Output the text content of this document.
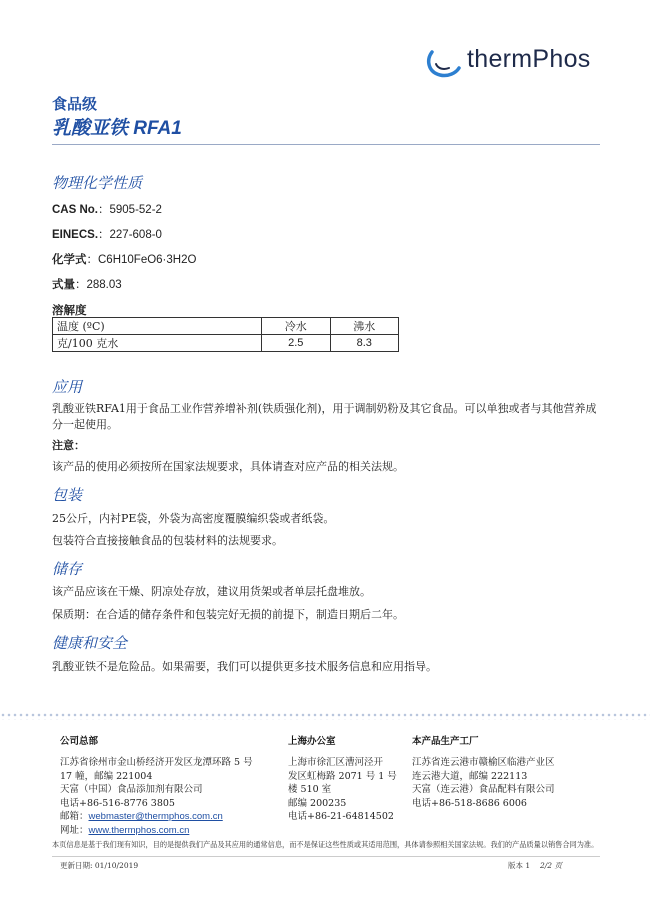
thermPhos
食品级
乳酸亚铁 RFA1
物理化学性质
CAS No.：5905-52-2
EINECS.：227-608-0
化学式：C6H10FeO6·3H2O
式量：288.03
溶解度
温度 (ºC)	冷水	沸水
克/100 克水	2.5	8.3
应用
乳酸亚铁RFA1用于食品工业作营养增补剂(铁质强化剂)，用于调制奶粉及其它食品。可以单独或者与其他营养成分一起使用。
注意：
该产品的使用必须按所在国家法规要求，具体请查对应产品的相关法规。
包装
25公斤，内衬PE袋，外袋为高密度覆膜编织袋或者纸袋。
包装符合直接接触食品的包装材料的法规要求。
储存
该产品应该在干燥、阴凉处存放，建议用货架或者单层托盘堆放。
保质期：在合适的储存条件和包装完好无损的前提下，制造日期后二年。
健康和安全
乳酸亚铁不是危险品。如果需要，我们可以提供更多技术服务信息和应用指导。
公司总部
江苏省徐州市金山桥经济开发区龙潭环路 5 号
17 幢，邮编 221004
天富（中国）食品添加剂有限公司
电话+86-516-8776 3805
邮箱：webmaster@thermphos.com.cn
网址：www.thermphos.com.cn
上海办公室
上海市徐汇区漕河泾开
发区虹梅路 2071 号 1 号
楼 510 室
邮编 200235
电话+86-21-64814502
本产品生产工厂
江苏省连云港市赣榆区临港产业区
连云港大道，邮编 222113
天富（连云港）食品配料有限公司
电话+86-518-8686 6006
本页信息是基于我们现有知识，目的是提供我们产品及其应用的通常信息，而不是保证这些性质或其适用范围，具体请参照相关国家法规。我们的产品质量以销售合同为准。
更新日期: 01/10/2019	版本 1 2/2 页
